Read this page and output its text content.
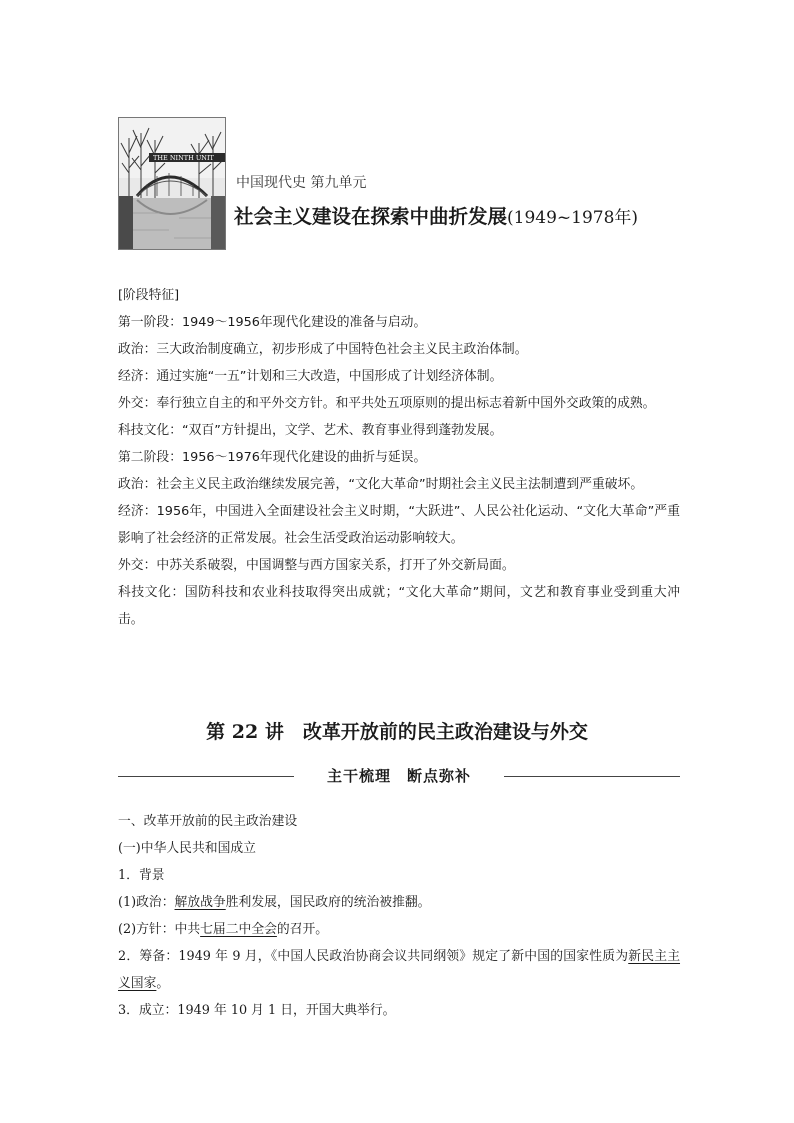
THE NINTH UNIT
中国现代史 第九单元
社会主义建设在探索中曲折发展(1949~1978年)

[阶段特征]

第一阶段：1949～1956年现代化建设的准备与启动。

政治：三大政治制度确立，初步形成了中国特色社会主义民主政治体制。

经济：通过实施“一五”计划和三大改造，中国形成了计划经济体制。

外交：奉行独立自主的和平外交方针。和平共处五项原则的提出标志着新中国外交政策的成熟。

科技文化：“双百”方针提出，文学、艺术、教育事业得到蓬勃发展。

第二阶段：1956～1976年现代化建设的曲折与延误。

政治：社会主义民主政治继续发展完善，“文化大革命”时期社会主义民主法制遭到严重破坏。

经济：1956年，中国进入全面建设社会主义时期，“大跃进”、人民公社化运动、“文化大革命”严重影响了社会经济的正常发展。社会生活受政治运动影响较大。

外交：中苏关系破裂，中国调整与西方国家关系，打开了外交新局面。

科技文化：国防科技和农业科技取得突出成就；“文化大革命”期间，文艺和教育事业受到重大冲击。

第 22 讲　改革开放前的民主政治建设与外交
主干梳理　断点弥补

一、改革开放前的民主政治建设

(一)中华人民共和国成立

1．背景

(1)政治：解放战争胜利发展，国民政府的统治被推翻。

(2)方针：中共七届二中全会的召开。

2．筹备：1949 年 9 月，《中国人民政治协商会议共同纲领》规定了新中国的国家性质为新民主主义国家。

3．成立：1949 年 10 月 1 日，开国大典举行。
